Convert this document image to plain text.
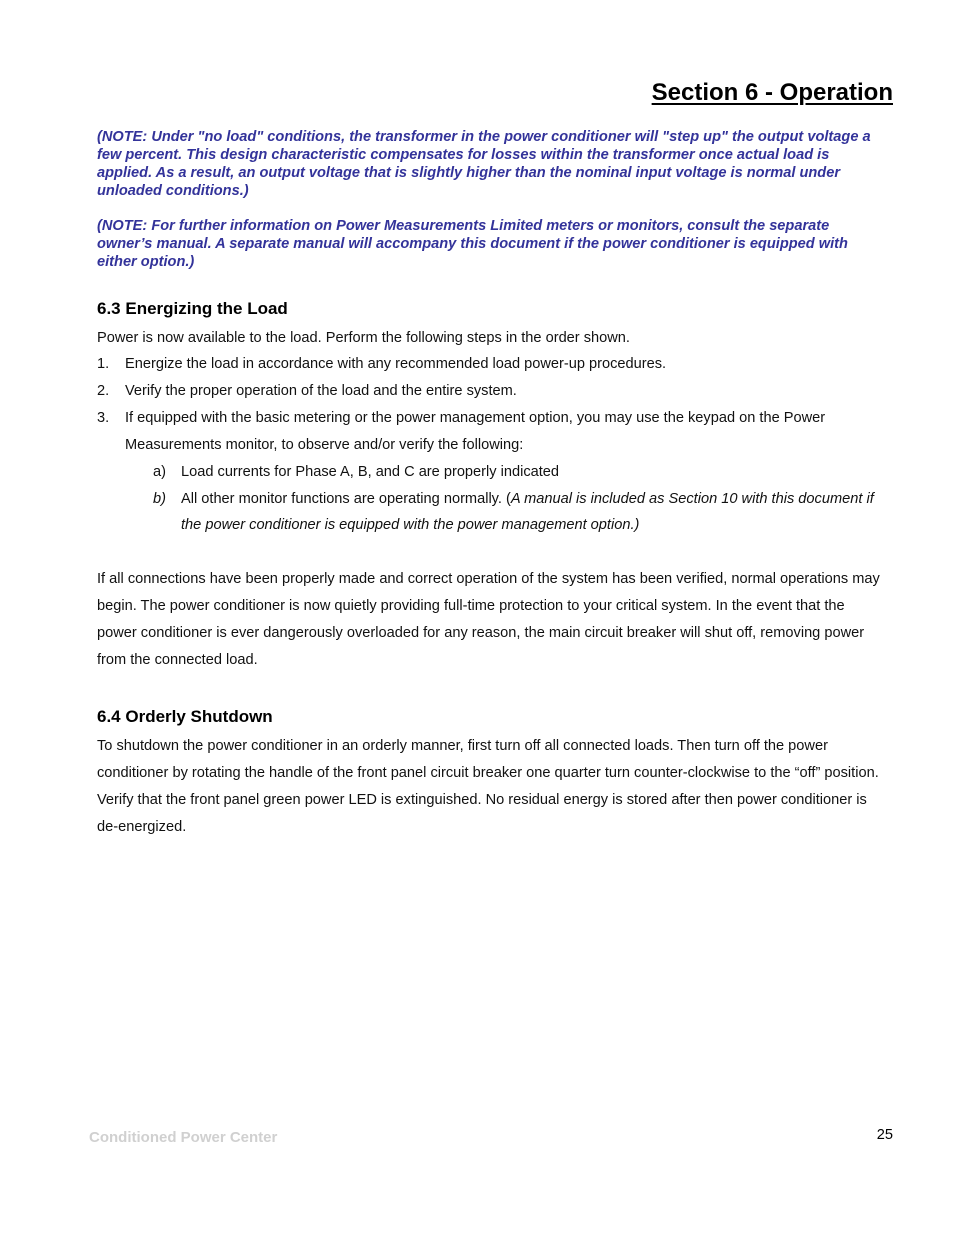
Section 6 - Operation

(NOTE: Under "no load" conditions, the transformer in the power conditioner will "step up" the output voltage a few percent. This design characteristic compensates for losses within the transformer once actual load is applied. As a result, an output voltage that is slightly higher than the nominal input voltage is normal under unloaded conditions.)

(NOTE: For further information on Power Measurements Limited meters or monitors, consult the separate owner’s manual. A separate manual will accompany this document if the power conditioner is equipped with either option.)

6.3 Energizing the Load

Power is now available to the load. Perform the following steps in the order shown.

1. Energize the load in accordance with any recommended load power-up procedures.
2. Verify the proper operation of the load and the entire system.
3. If equipped with the basic metering or the power management option, you may use the keypad on the Power Measurements monitor, to observe and/or verify the following:
a) Load currents for Phase A, B, and C are properly indicated
b) All other monitor functions are operating normally. (A manual is included as Section 10 with this document if the power conditioner is equipped with the power management option.)

If all connections have been properly made and correct operation of the system has been verified, normal operations may begin. The power conditioner is now quietly providing full-time protection to your critical system. In the event that the power conditioner is ever dangerously overloaded for any reason, the main circuit breaker will shut off, removing power from the connected load.

6.4 Orderly Shutdown

To shutdown the power conditioner in an orderly manner, first turn off all connected loads. Then turn off the power conditioner by rotating the handle of the front panel circuit breaker one quarter turn counter-clockwise to the “off” position. Verify that the front panel green power LED is extinguished. No residual energy is stored after then power conditioner is de-energized.

Conditioned Power Center	25
